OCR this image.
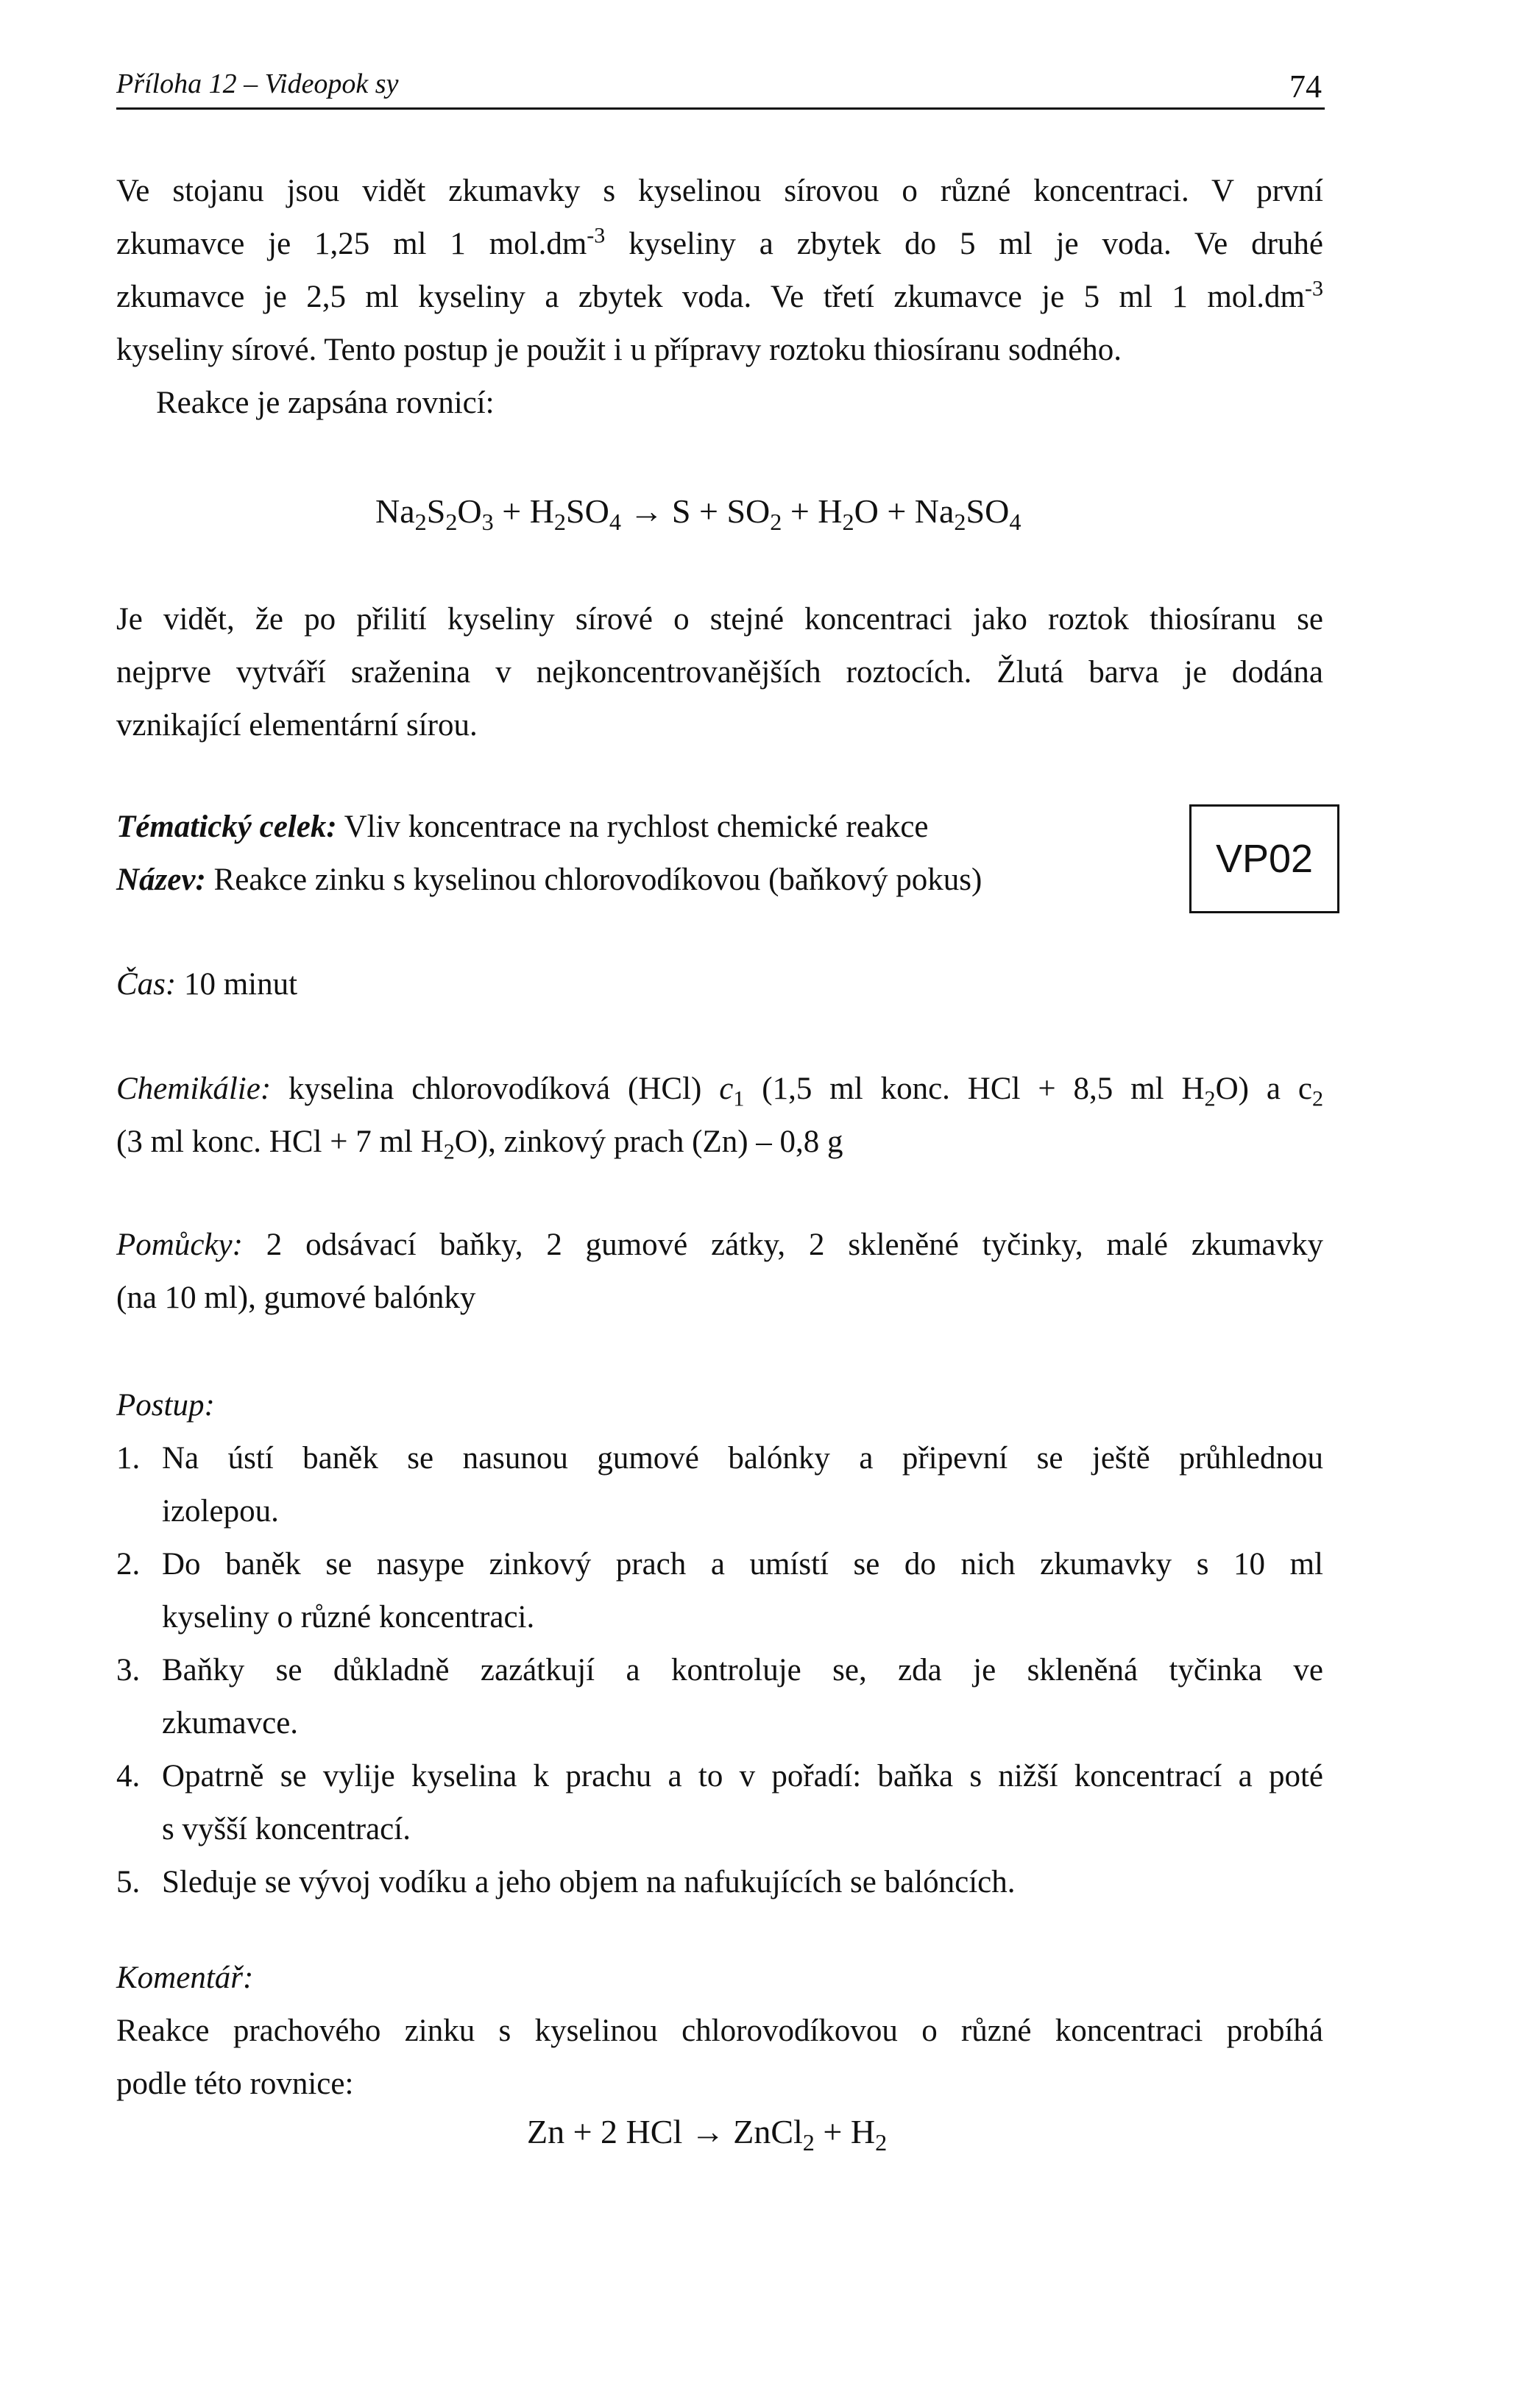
Příloha 12 – Videopok sy	74

Ve stojanu jsou vidět zkumavky s kyselinou sírovou o různé koncentraci. V první

zkumavce je 1,25 ml 1 $mol.dm^{-3}$ kyseliny a zbytek do 5 ml je voda. Ve druhé

zkumavce je 2,5 ml kyseliny a zbytek voda. Ve třetí zkumavce je 5 ml 1 $mol.dm^{-3}$

kyseliny sírové. Tento postup je použit i u přípravy roztoku thiosíranu sodného.

Reakce je zapsána rovnicí:

$Na_2S_2O_3 + H_2SO_4 \to S + SO_2 + H_2O + Na_2SO_4$

Je vidět, že po přilití kyseliny sírové o stejné koncentraci jako roztok thiosíranu se

nejprve vytváří sraženina v nejkoncentrovanějších roztocích. Žlutá barva je dodána

vznikající elementární sírou.

Tématický celek: Vliv koncentrace na rychlost chemické reakce

Název: Reakce zinku s kyselinou chlorovodíkovou (baňkový pokus)	VP02

Čas: 10 minut

Chemikálie: kyselina chlorovodíková (HCl) $c_1$ (1,5 ml konc. HCl + 8,5 ml $H_2O$) a $c_2$

(3 ml konc. HCl + 7 ml $H_2O$), zinkový prach (Zn) – 0,8 g

Pomůcky: 2 odsávací baňky, 2 gumové zátky, 2 skleněné tyčinky, malé zkumavky

(na 10 ml), gumové balónky

Postup:

1. Na ústí baněk se nasunou gumové balónky a připevní se ještě průhlednou

izolepou.

2. Do baněk se nasype zinkový prach a umístí se do nich zkumavky s 10 ml

kyseliny o různé koncentraci.

3. Baňky se důkladně zazátkují a kontroluje se, zda je skleněná tyčinka ve

zkumavce.

4. Opatrně se vylije kyselina k prachu a to v pořadí: baňka s nižší koncentrací a poté

s vyšší koncentrací.

5. Sleduje se vývoj vodíku a jeho objem na nafukujících se balóncích.

Komentář:

Reakce prachového zinku s kyselinou chlorovodíkovou o různé koncentraci probíhá

podle této rovnice:

Zn + 2 HCl → ZnCl$_2$ + $H_2$
